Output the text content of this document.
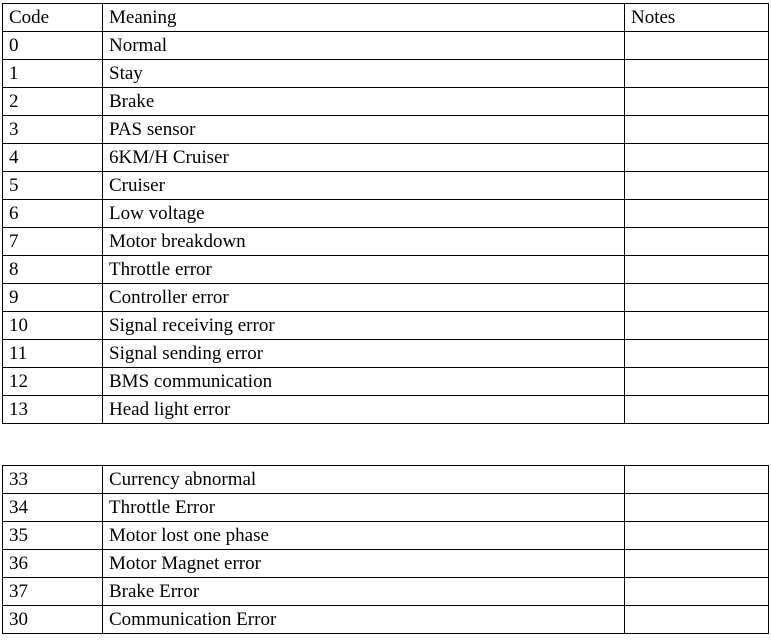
Code	Meaning	Notes
0	Normal	
1	Stay	
2	Brake	
3	PAS sensor	
4	6KM/H Cruiser	
5	Cruiser	
6	Low voltage	
7	Motor breakdown	
8	Throttle error	
9	Controller error	
10	Signal receiving error	
11	Signal sending error	
12	BMS communication	
13	Head light error	
33	Currency abnormal	
34	Throttle Error	
35	Motor lost one phase	
36	Motor Magnet error	
37	Brake Error	
30	Communication Error	
